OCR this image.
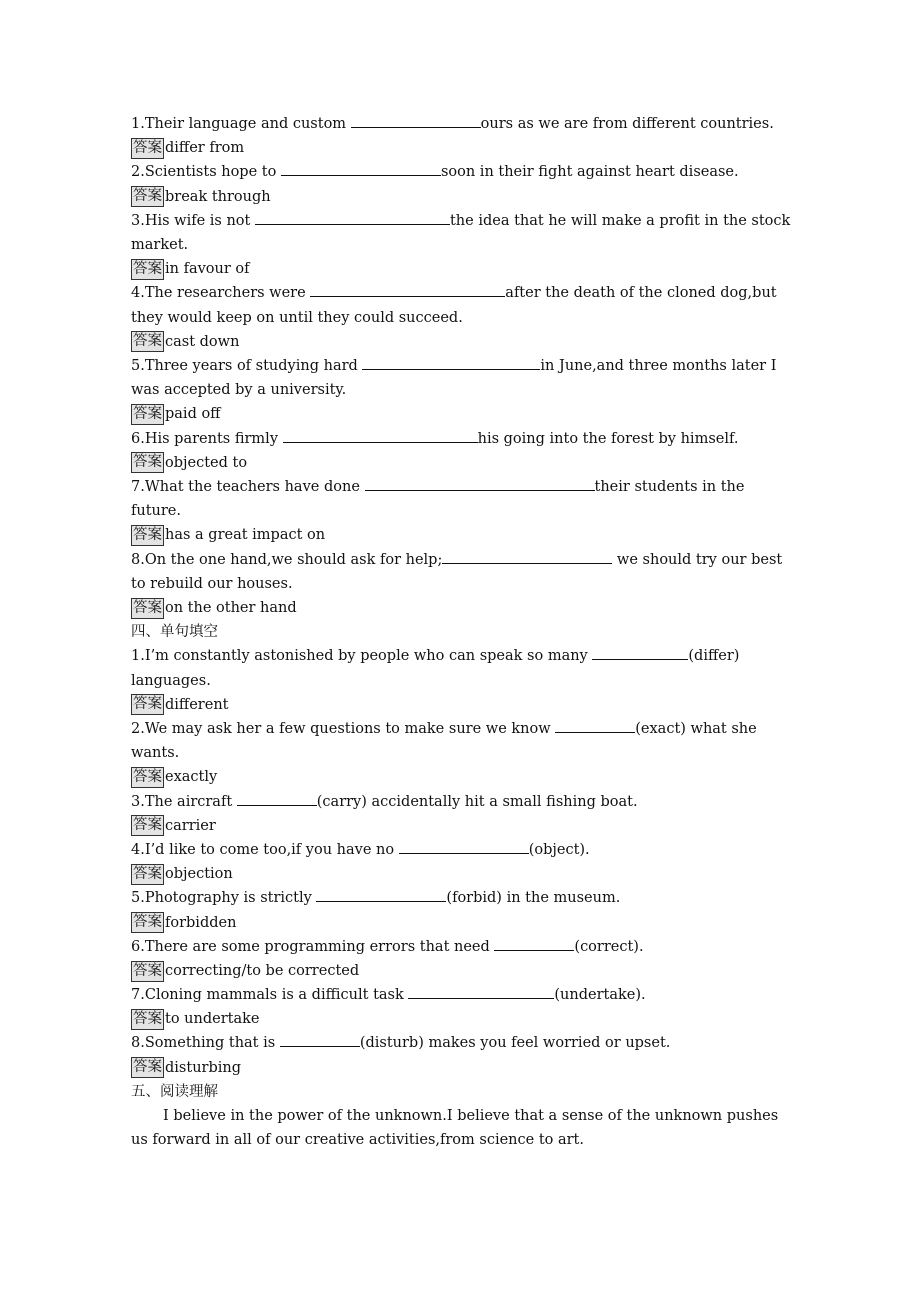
1.Their language and custom	ours as we are from different countries.
答案 differ from
2.Scientists hope to	soon in their fight against heart disease.
答案 break through
3.His wife is not	the idea that he will make a profit in the stock market.
答案 in favour of
4.The researchers were	after the death of the cloned dog,but they would keep on until they could succeed.
答案 cast down
5.Three years of studying hard	in June,and three months later I was accepted by a university.
答案 paid off
6.His parents firmly	his going into the forest by himself.
答案 objected to
7.What the teachers have done	their students in the future.
答案 has a great impact on
8.On the one hand,we should ask for help;	we should try our best to rebuild our houses.
答案 on the other hand
四、单句填空
1.I’m constantly astonished by people who can speak so many	(differ) languages.
答案 different
2.We may ask her a few questions to make sure we know	(exact) what she wants.
答案 exactly
3.The aircraft	(carry) accidentally hit a small fishing boat.
答案 carrier
4.I’d like to come too,if you have no	(object).
答案 objection
5.Photography is strictly	(forbid) in the museum.
答案 forbidden
6.There are some programming errors that need	(correct).
答案 correcting/to be corrected
7.Cloning mammals is a difficult task	(undertake).
答案 to undertake
8.Something that is	(disturb) makes you feel worried or upset.
答案 disturbing
五、阅读理解
I believe in the power of the unknown.I believe that a sense of the unknown pushes us forward in all of our creative activities,from science to art.
